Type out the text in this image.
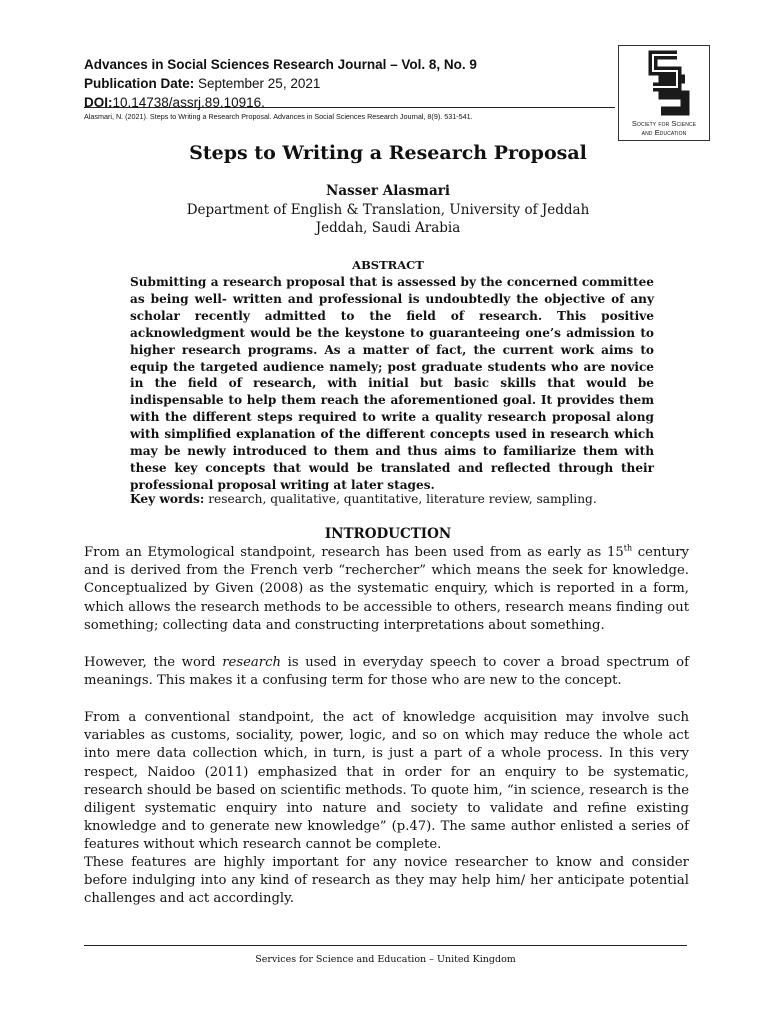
Advances in Social Sciences Research Journal – Vol. 8, No. 9
Publication Date: September 25, 2021
DOI:10.14738/assrj.89.10916.
Alasmari, N. (2021). Steps to Writing a Research Proposal. Advances in Social Sciences Research Journal, 8(9). 531-541.
Society for Science
and Education
Steps to Writing a Research Proposal
Nasser Alasmari
Department of English & Translation, University of Jeddah
Jeddah, Saudi Arabia
ABSTRACT
Submitting a research proposal that is assessed by the concerned committee as being well- written and professional is undoubtedly the objective of any scholar recently admitted to the field of research. This positive acknowledgment would be the keystone to guaranteeing one’s admission to higher research programs. As a matter of fact, the current work aims to equip the targeted audience namely; post graduate students who are novice in the field of research, with initial but basic skills that would be indispensable to help them reach the aforementioned goal. It provides them with the different steps required to write a quality research proposal along with simplified explanation of the different concepts used in research which may be newly introduced to them and thus aims to familiarize them with these key concepts that would be translated and reflected through their professional proposal writing at later stages.
Key words: research, qualitative, quantitative, literature review, sampling.
INTRODUCTION
From an Etymological standpoint, research has been used from as early as 15th century and is derived from the French verb “rechercher” which means the seek for knowledge. Conceptualized by Given (2008) as the systematic enquiry, which is reported in a form, which allows the research methods to be accessible to others, research means finding out something; collecting data and constructing interpretations about something.
However, the word research is used in everyday speech to cover a broad spectrum of meanings. This makes it a confusing term for those who are new to the concept.
From a conventional standpoint, the act of knowledge acquisition may involve such variables as customs, sociality, power, logic, and so on which may reduce the whole act into mere data collection which, in turn, is just a part of a whole process. In this very respect, Naidoo (2011) emphasized that in order for an enquiry to be systematic, research should be based on scientific methods. To quote him, “in science, research is the diligent systematic enquiry into nature and society to validate and refine existing knowledge and to generate new knowledge” (p.47). The same author enlisted a series of features without which research cannot be complete.
These features are highly important for any novice researcher to know and consider before indulging into any kind of research as they may help him/ her anticipate potential challenges and act accordingly.
Services for Science and Education – United Kingdom
